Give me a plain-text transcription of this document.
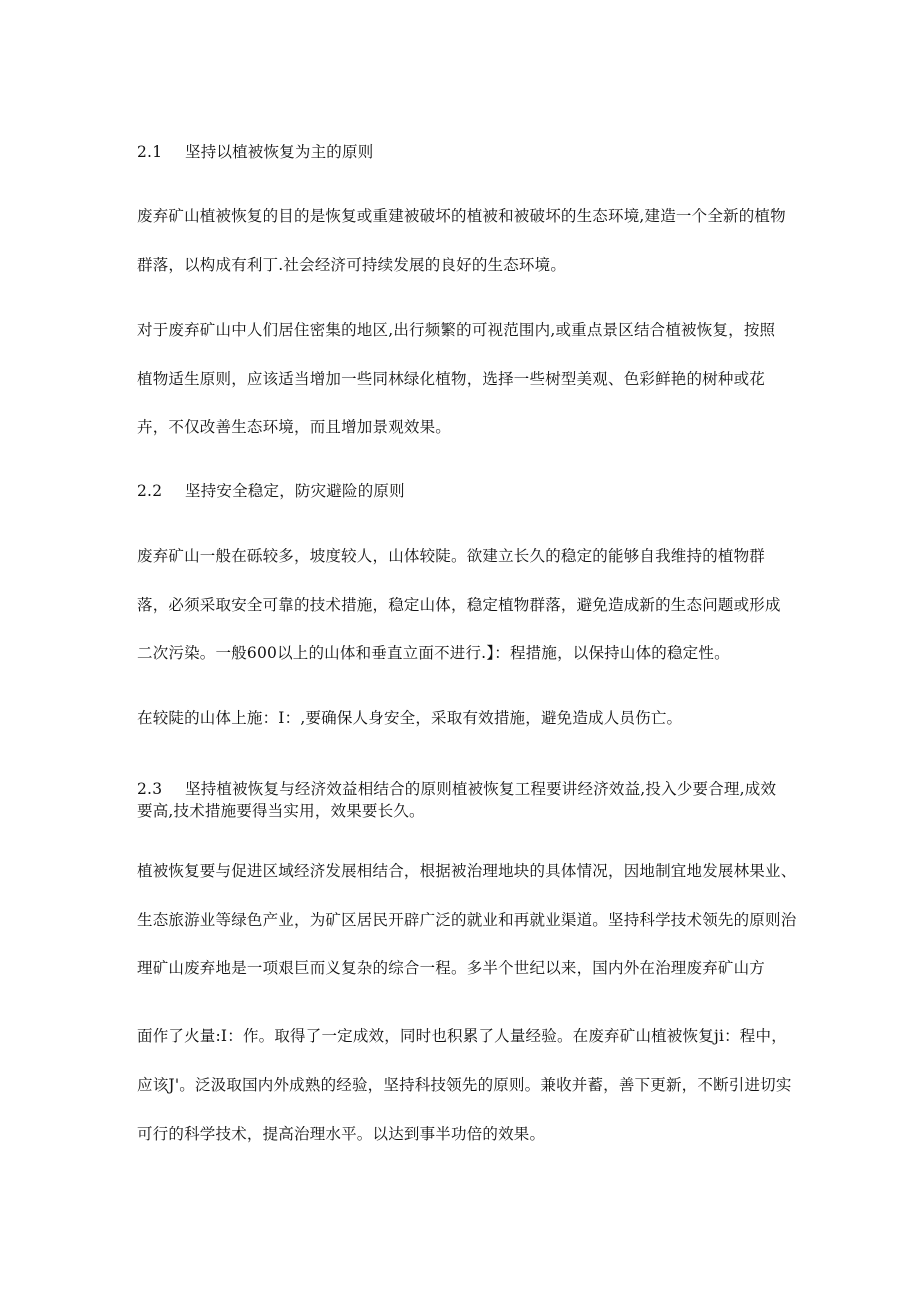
2.1 坚持以植被恢复为主的原则

废弃矿山植被恢复的目的是恢复或重建被破坏的植被和被破坏的生态环境,建造一个全新的植物

群落，以构成有利丁.社会经济可持续发展的良好的生态环境。

对于废弃矿山中人们居住密集的地区,出行频繁的可视范围内,或重点景区结合植被恢复，按照

植物适生原则，应该适当增加一些同林绿化植物，选择一些树型美观、色彩鲜艳的树种或花

卉，不仅改善生态环境，而且增加景观效果。

2.2 坚持安全稳定，防灾避险的原则

废弃矿山一般在砾较多，坡度较人，山体较陡。欲建立长久的稳定的能够自我维持的植物群

落，必须采取安全可靠的技术措施，稳定山体，稳定植物群落，避免造成新的生态问题或形成

二次污染。一般600以上的山体和垂直立面不进行.】：程措施，以保持山体的稳定性。

在较陡的山体上施：I：,要确保人身安全，采取有效措施，避免造成人员伤亡。

2.3 坚持植被恢复与经济效益相结合的原则植被恢复工程要讲经济效益,投入少要合理,成效

要高,技术措施要得当实用，效果要长久。

植被恢复要与促进区域经济发展相结合，根据被治理地块的具体情况，因地制宜地发展林果业、

生态旅游业等绿色产业，为矿区居民开辟广泛的就业和再就业渠道。坚持科学技术领先的原则治

理矿山废弃地是一项艰巨而义复杂的综合一程。多半个世纪以来，国内外在治理废弃矿山方

面作了火量:I：作。取得了一定成效，同时也积累了人量经验。在废弃矿山植被恢复ji：程中，

应该J'。泛汲取国内外成熟的经验，坚持科技领先的原则。兼收并蓄，善下更新，不断引进切实

可行的科学技术，提高治理水平。以达到事半功倍的效果。
